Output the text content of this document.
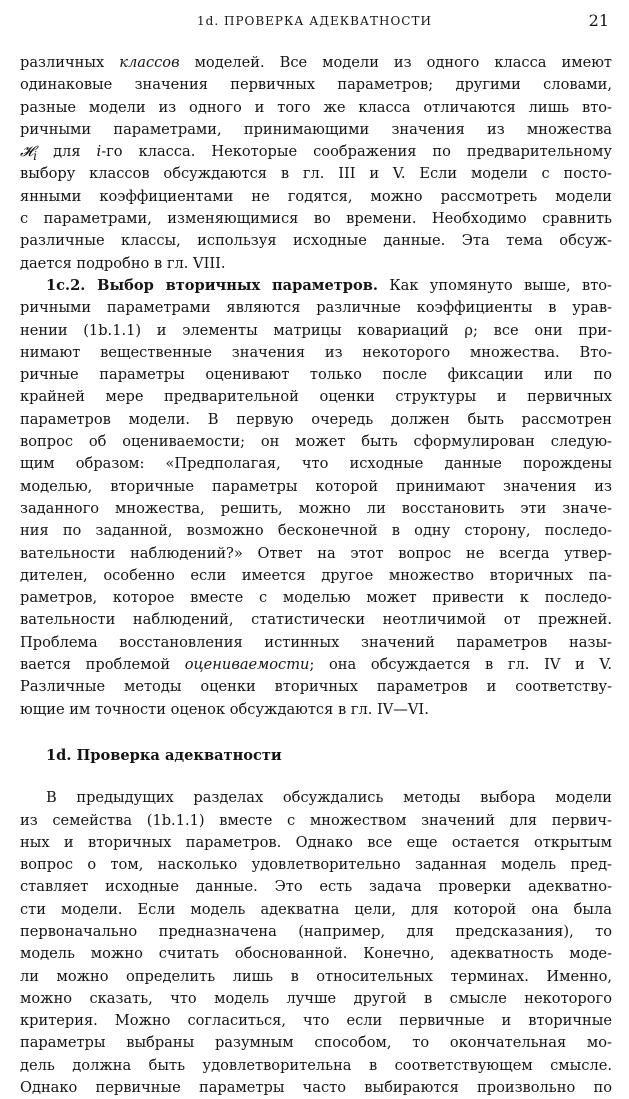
1d. ПРОВЕРКА АДЕКВАТНОСТИ	21
различных классов моделей. Все модели из одного класса имеют
одинаковые значения первичных параметров; другими словами,
разные модели из одного и того же класса отличаются лишь вто-
ричными параметрами, принимающими значения из множества
𝓗$_i$ для i-го класса. Некоторые соображения по предварительному
выбору классов обсуждаются в гл. III и V. Если модели с посто-
янными коэффициентами не годятся, можно рассмотреть модели
с параметрами, изменяющимися во времени. Необходимо сравнить
различные классы, используя исходные данные. Эта тема обсуж-
дается подробно в гл. VIII.
1c.2. Выбор вторичных параметров. Как упомянуто выше, вто-
ричными параметрами являются различные коэффициенты в урав-
нении (1b.1.1) и элементы матрицы ковариаций ρ; все они при-
нимают вещественные значения из некоторого множества. Вто-
ричные параметры оценивают только после фиксации или по
крайней мере предварительной оценки структуры и первичных
параметров модели. В первую очередь должен быть рассмотрен
вопрос об оцениваемости; он может быть сформулирован следую-
щим образом: «Предполагая, что исходные данные порождены
моделью, вторичные параметры которой принимают значения из
заданного множества, решить, можно ли восстановить эти значе-
ния по заданной, возможно бесконечной в одну сторону, последо-
вательности наблюдений?» Ответ на этот вопрос не всегда утвер-
дителен, особенно если имеется другое множество вторичных па-
раметров, которое вместе с моделью может привести к последо-
вательности наблюдений, статистически неотличимой от прежней.
Проблема восстановления истинных значений параметров назы-
вается проблемой оцениваемости; она обсуждается в гл. IV и V.
Различные методы оценки вторичных параметров и соответству-
ющие им точности оценок обсуждаются в гл. IV—VI.
1d. Проверка адекватности
В предыдущих разделах обсуждались методы выбора модели
из семейства (1b.1.1) вместе с множеством значений для первич-
ных и вторичных параметров. Однако все еще остается открытым
вопрос о том, насколько удовлетворительно заданная модель пред-
ставляет исходные данные. Это есть задача проверки адекватно-
сти модели. Если модель адекватна цели, для которой она была
первоначально предназначена (например, для предсказания), то
модель можно считать обоснованной. Конечно, адекватность моде-
ли можно определить лишь в относительных терминах. Именно,
можно сказать, что модель лучше другой в смысле некоторого
критерия. Можно согласиться, что если первичные и вторичные
параметры выбраны разумным способом, то окончательная мо-
дель должна быть удовлетворительна в соответствующем смысле.
Однако первичные параметры часто выбираются произвольно по
